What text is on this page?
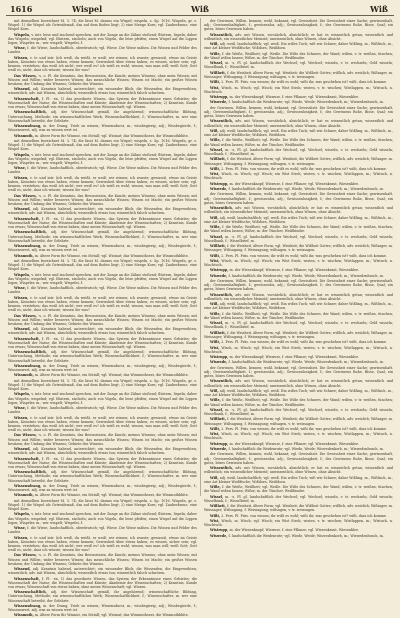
1616	Wiß	Wiß
Wispel

mit demselben bezeichnet M. 3. 74; die lässt M. daraus ein Wispel; wispeln, s. Sp. 1016. Wispeln, gr. s. Wispel: 1) die Wispel als Getreidemaß, das auf dem Boden liegt; 2) eine Menge Korn; vgl. Zauberkrone, eine Wispel Korn.

Wispeln, v. intr. leise und zischend sprechen, mit der Zunge an die Zähne stoßend; flüstern, lispeln; daher das Wispeln; wispelnd; vgl. flüstern, zischeln; auch von Vögeln, die leise pfeifen; einen Wispel auf die Lippen legen; Wispeler, m., wer wispelt; Wispelei, f.

Wisse, f. die Wiese, landschaftlich, oberdeutsch; vgl. Wiese. Die Wisse mähen. Die Wissen und Felder des Landes.

Wissen, v. tr. und intr. (ich weiß, du weißt, er weiß; wir wissen; ich wusste; gewusst), etwas im Geiste haben, Kenntnis von etwas haben, etwas kennen; Gewissheit über etwas haben; es wissen, sicher sein; vgl. kennen, verstehen; das weiß ich nicht; wer weiß es? ich weiß es wohl; wissen, was man will; weiß Gott; Gott weiß es; nicht, dass ich wüsste; wissen Sie was?

Das Wissen, -s, o. Pl. die Kenntnis, das Bewusstsein, die Kunde; meines Wissens; ohne mein Wissen; mit Wissen und Willen; wider besseres Wissen; das menschliche Wissen; Wissen ist Macht; ein großes Wissen besitzen; der Umfang des Wissens; Gebiete des Wissens.

Wissend, adj. Kenntnis habend, unterrichtet; ein wissender Blick; die Wissenden, die Eingeweihten; wissentlich, adv. mit Wissen, absichtlich; wissentlich etwas tun; wissentlich falsch schwören.

Wissenschaft, f. Pl. -en, 1) das geordnete Wissen, das System der Erkenntnisse eines Gebietes; die Wissenschaft der Natur; die Wissenschaften und Künste; Akademie der Wissenschaften; 2) Kenntnis, Kunde von etwas; Wissenschaft von etwas haben; ohne meine Wissenschaft; vgl. Wissen.

Wissenschaftlich, adj. der Wissenschaft gemäß, ihr angehörend; wissenschaftliche Bildung, Untersuchung, Methode; ein wissenschaftliches Werk; Wissenschaftlichkeit, f.; Wissenschafter, m. wer eine Wissenschaft betreibt, der Gelehrte.

Wissensdrang, m. der Drang, Trieb zu wissen; Wissensdurst, m.; wissbegierig, adj.; Wissbegierde, f.; Wissenswert, adj. was zu wissen wert ist.

Wissmuth, m. ältere Form für Wismut, ein Metall; vgl. Wismut; das Wissmuthserz, die Wissmuthblüte.

mit demselben bezeichnet M. 3. 74; die lässt M. daraus ein Wispel; wispeln, s. Sp. 1016. Wispeln, gr. s. Wispel: 1) die Wispel als Getreidemaß, das auf dem Boden liegt; 2) eine Menge Korn; vgl. Zauberkrone, eine Wispel Korn.

Wispeln, v. intr. leise und zischend sprechen, mit der Zunge an die Zähne stoßend; flüstern, lispeln; daher das Wispeln; wispelnd; vgl. flüstern, zischeln; auch von Vögeln, die leise pfeifen; einen Wispel auf die Lippen legen; Wispeler, m., wer wispelt; Wispelei, f.

Wisse, f. die Wiese, landschaftlich, oberdeutsch; vgl. Wiese. Die Wisse mähen. Die Wissen und Felder des Landes.

Wissen, v. tr. und intr. (ich weiß, du weißt, er weiß; wir wissen; ich wusste; gewusst), etwas im Geiste haben, Kenntnis von etwas haben, etwas kennen; Gewissheit über etwas haben; es wissen, sicher sein; vgl. kennen, verstehen; das weiß ich nicht; wer weiß es? ich weiß es wohl; wissen, was man will; weiß Gott; Gott weiß es; nicht, dass ich wüsste; wissen Sie was?

Das Wissen, -s, o. Pl. die Kenntnis, das Bewusstsein, die Kunde; meines Wissens; ohne mein Wissen; mit Wissen und Willen; wider besseres Wissen; das menschliche Wissen; Wissen ist Macht; ein großes Wissen besitzen; der Umfang des Wissens; Gebiete des Wissens.

Wissend, adj. Kenntnis habend, unterrichtet; ein wissender Blick; die Wissenden, die Eingeweihten; wissentlich, adv. mit Wissen, absichtlich; wissentlich etwas tun; wissentlich falsch schwören.

Wissenschaft, f. Pl. -en, 1) das geordnete Wissen, das System der Erkenntnisse eines Gebietes; die Wissenschaft der Natur; die Wissenschaften und Künste; Akademie der Wissenschaften; 2) Kenntnis, Kunde von etwas; Wissenschaft von etwas haben; ohne meine Wissenschaft; vgl. Wissen.

Wissenschaftlich, adj. der Wissenschaft gemäß, ihr angehörend; wissenschaftliche Bildung, Untersuchung, Methode; ein wissenschaftliches Werk; Wissenschaftlichkeit, f.; Wissenschafter, m. wer eine Wissenschaft betreibt, der Gelehrte.

Wissensdrang, m. der Drang, Trieb zu wissen; Wissensdurst, m.; wissbegierig, adj.; Wissbegierde, f.; Wissenswert, adj. was zu wissen wert ist.

Wissmuth, m. ältere Form für Wismut, ein Metall; vgl. Wismut; das Wissmuthserz, die Wissmuthblüte.

mit demselben bezeichnet M. 3. 74; die lässt M. daraus ein Wispel; wispeln, s. Sp. 1016. Wispeln, gr. s. Wispel: 1) die Wispel als Getreidemaß, das auf dem Boden liegt; 2) eine Menge Korn; vgl. Zauberkrone, eine Wispel Korn.

Wispeln, v. intr. leise und zischend sprechen, mit der Zunge an die Zähne stoßend; flüstern, lispeln; daher das Wispeln; wispelnd; vgl. flüstern, zischeln; auch von Vögeln, die leise pfeifen; einen Wispel auf die Lippen legen; Wispeler, m., wer wispelt; Wispelei, f.

Wisse, f. die Wiese, landschaftlich, oberdeutsch; vgl. Wiese. Die Wisse mähen. Die Wissen und Felder des Landes.

Wissen, v. tr. und intr. (ich weiß, du weißt, er weiß; wir wissen; ich wusste; gewusst), etwas im Geiste haben, Kenntnis von etwas haben, etwas kennen; Gewissheit über etwas haben; es wissen, sicher sein; vgl. kennen, verstehen; das weiß ich nicht; wer weiß es? ich weiß es wohl; wissen, was man will; weiß Gott; Gott weiß es; nicht, dass ich wüsste; wissen Sie was?

Das Wissen, -s, o. Pl. die Kenntnis, das Bewusstsein, die Kunde; meines Wissens; ohne mein Wissen; mit Wissen und Willen; wider besseres Wissen; das menschliche Wissen; Wissen ist Macht; ein großes Wissen besitzen; der Umfang des Wissens; Gebiete des Wissens.

Wissend, adj. Kenntnis habend, unterrichtet; ein wissender Blick; die Wissenden, die Eingeweihten; wissentlich, adv. mit Wissen, absichtlich; wissentlich etwas tun; wissentlich falsch schwören.

Wissenschaft, f. Pl. -en, 1) das geordnete Wissen, das System der Erkenntnisse eines Gebietes; die Wissenschaft der Natur; die Wissenschaften und Künste; Akademie der Wissenschaften; 2) Kenntnis, Kunde von etwas; Wissenschaft von etwas haben; ohne meine Wissenschaft; vgl. Wissen.

Wissenschaftlich, adj. der Wissenschaft gemäß, ihr angehörend; wissenschaftliche Bildung, Untersuchung, Methode; ein wissenschaftliches Werk; Wissenschaftlichkeit, f.; Wissenschafter, m. wer eine Wissenschaft betreibt, der Gelehrte.

Wissensdrang, m. der Drang, Trieb zu wissen; Wissensdurst, m.; wissbegierig, adj.; Wissbegierde, f.; Wissenswert, adj. was zu wissen wert ist.

Wissmuth, m. ältere Form für Wismut, ein Metall; vgl. Wismut; das Wissmuthserz, die Wissmuthblüte.

mit demselben bezeichnet M. 3. 74; die lässt M. daraus ein Wispel; wispeln, s. Sp. 1016. Wispeln, gr. s. Wispel: 1) die Wispel als Getreidemaß, das auf dem Boden liegt; 2) eine Menge Korn; vgl. Zauberkrone, eine Wispel Korn.

Wispeln, v. intr. leise und zischend sprechen, mit der Zunge an die Zähne stoßend; flüstern, lispeln; daher das Wispeln; wispelnd; vgl. flüstern, zischeln; auch von Vögeln, die leise pfeifen; einen Wispel auf die Lippen legen; Wispeler, m., wer wispelt; Wispelei, f.

Wisse, f. die Wiese, landschaftlich, oberdeutsch; vgl. Wiese. Die Wisse mähen. Die Wissen und Felder des Landes.

Wissen, v. tr. und intr. (ich weiß, du weißt, er weiß; wir wissen; ich wusste; gewusst), etwas im Geiste haben, Kenntnis von etwas haben, etwas kennen; Gewissheit über etwas haben; es wissen, sicher sein; vgl. kennen, verstehen; das weiß ich nicht; wer weiß es? ich weiß es wohl; wissen, was man will; weiß Gott; Gott weiß es; nicht, dass ich wüsste; wissen Sie was?

Das Wissen, -s, o. Pl. die Kenntnis, das Bewusstsein, die Kunde; meines Wissens; ohne mein Wissen; mit Wissen und Willen; wider besseres Wissen; das menschliche Wissen; Wissen ist Macht; ein großes Wissen besitzen; der Umfang des Wissens; Gebiete des Wissens.

Wissend, adj. Kenntnis habend, unterrichtet; ein wissender Blick; die Wissenden, die Eingeweihten; wissentlich, adv. mit Wissen, absichtlich; wissentlich etwas tun; wissentlich falsch schwören.

Wissenschaft, f. Pl. -en, 1) das geordnete Wissen, das System der Erkenntnisse eines Gebietes; die Wissenschaft der Natur; die Wissenschaften und Künste; Akademie der Wissenschaften; 2) Kenntnis, Kunde von etwas; Wissenschaft von etwas haben; ohne meine Wissenschaft; vgl. Wissen.

Wissenschaftlich, adj. der Wissenschaft gemäß, ihr angehörend; wissenschaftliche Bildung, Untersuchung, Methode; ein wissenschaftliches Werk; Wissenschaftlichkeit, f.; Wissenschafter, m. wer eine Wissenschaft betreibt, der Gelehrte.

Wissensdrang, m. der Drang, Trieb zu wissen; Wissensdurst, m.; wissbegierig, adj.; Wissbegierde, f.; Wissenswert, adj. was zu wissen wert ist.

Wissmuth, m. ältere Form für Wismut, ein Metall; vgl. Wismut; das Wissmuthserz, die Wissmuthblüte.

mit demselben bezeichnet M. 3. 74; die lässt M. daraus ein Wispel; wispeln, s. Sp. 1016. Wispeln, gr. s. Wispel: 1) die Wispel als Getreidemaß, das auf dem Boden liegt; 2) eine Menge Korn; vgl. Zauberkrone, eine Wispel Korn.

Wispeln, v. intr. leise und zischend sprechen, mit der Zunge an die Zähne stoßend; flüstern, lispeln; daher das Wispeln; wispelnd; vgl. flüstern, zischeln; auch von Vögeln, die leise pfeifen; einen Wispel auf die Lippen legen; Wispeler, m., wer wispelt; Wispelei, f.

Wisse, f. die Wiese, landschaftlich, oberdeutsch; vgl. Wiese. Die Wisse mähen. Die Wissen und Felder des Landes.

Wissen, v. tr. und intr. (ich weiß, du weißt, er weiß; wir wissen; ich wusste; gewusst), etwas im Geiste haben, Kenntnis von etwas haben, etwas kennen; Gewissheit über etwas haben; es wissen, sicher sein; vgl. kennen, verstehen; das weiß ich nicht; wer weiß es? ich weiß es wohl; wissen, was man will; weiß Gott; Gott weiß es; nicht, dass ich wüsste; wissen Sie was?

Das Wissen, -s, o. Pl. die Kenntnis, das Bewusstsein, die Kunde; meines Wissens; ohne mein Wissen; mit Wissen und Willen; wider besseres Wissen; das menschliche Wissen; Wissen ist Macht; ein großes Wissen besitzen; der Umfang des Wissens; Gebiete des Wissens.

Wissend, adj. Kenntnis habend, unterrichtet; ein wissender Blick; die Wissenden, die Eingeweihten; wissentlich, adv. mit Wissen, absichtlich; wissentlich etwas tun; wissentlich falsch schwören.

Wissenschaft, f. Pl. -en, 1) das geordnete Wissen, das System der Erkenntnisse eines Gebietes; die Wissenschaft der Natur; die Wissenschaften und Künste; Akademie der Wissenschaften; 2) Kenntnis, Kunde von etwas; Wissenschaft von etwas haben; ohne meine Wissenschaft; vgl. Wissen.

Wissenschaftlich, adj. der Wissenschaft gemäß, ihr angehörend; wissenschaftliche Bildung, Untersuchung, Methode; ein wissenschaftliches Werk; Wissenschaftlichkeit, f.; Wissenschafter, m. wer eine Wissenschaft betreibt, der Gelehrte.

Wissensdrang, m. der Drang, Trieb zu wissen; Wissensdurst, m.; wissbegierig, adj.; Wissbegierde, f.; Wissenswert, adj. was zu wissen wert ist.

Wissmuth, m. ältere Form für Wismut, ein Metall; vgl. Wismut; das Wissmuthserz, die Wissmuthblüte.

der Gewissen, Willen, kennen; wohl, bekannt; vgl. Gewissheit. Die Gewissheit einer Sache; gewissenhaft, adj.; Gewissenhaftigkeit, f.; gewissenlos, adj.; Gewissenlosigkeit, f.; des Gewissens Ruhe, Bisse, Qual; ein gutes, böses Gewissen haben.

Wissentlich, adv. mit Wissen, vorsätzlich, absichtlich; er hat es wissentlich getan; wissentlich und willentlich; ein wissentlicher Meineid; unwissentlich, ohne Wissen, ohne Absicht.

Wiß, adj. weiß, landschaftlich; vgl. weiß. Ein wißes Tuch; wiß wie Schnee; daher Wißling, m., Wißfisch, m., eine Art kleiner Weißfische; Wißdorn, Weißdorn.

Wiße, f. die Weiße, Weißheit; vgl. Weiße. Die Wiße des Schnees, der Wand; wißen, v. tr. weißen, tünchen; die Wand wißen lassen; Wißer, m. der Tüncher, Weißbinder.

Wissel, m. -s, Pl. gl. landschaftlich der Wechsel; vgl. Wechsel; wisseln, v. tr. wechseln; Geld wisseln; Wisselbank, f.; Wisselbrief, m.

Wißheit, f. die Weisheit, ältere Form; vgl. Weisheit; die Wißheit Gottes; wißlich, adv. weislich; Wißsager, m. Weissager; Wißsagung, f. Weissagung; wißsagen, v. tr. weissagen.

Wißt, 2. Pers. Pl. Präs. von wissen; ihr wißt es wohl; wißt ihr, was geschehen ist? wißt, dass ich komme.

Wist, Wisch, m. Wisch; vgl. Wisch; ein Wist Stroh; wisten, v. tr. wischen; Wistlappen, m.; Wistuch, n. Wischtuch.

Wistrupp, m. der Wiesenknopf; Wiswurz, f. eine Pflanze; vgl. Wiesenkraut, Wiesenklee.

Wiswede, f. landschaftlich die Weidenrute; vgl. Wiede, Weide; Wiswedenkorb, m.; Wiswedenbusch, m.

der Gewissen, Willen, kennen; wohl, bekannt; vgl. Gewissheit. Die Gewissheit einer Sache; gewissenhaft, adj.; Gewissenhaftigkeit, f.; gewissenlos, adj.; Gewissenlosigkeit, f.; des Gewissens Ruhe, Bisse, Qual; ein gutes, böses Gewissen haben.

Wissentlich, adv. mit Wissen, vorsätzlich, absichtlich; er hat es wissentlich getan; wissentlich und willentlich; ein wissentlicher Meineid; unwissentlich, ohne Wissen, ohne Absicht.

Wiß, adj. weiß, landschaftlich; vgl. weiß. Ein wißes Tuch; wiß wie Schnee; daher Wißling, m., Wißfisch, m., eine Art kleiner Weißfische; Wißdorn, Weißdorn.

Wiße, f. die Weiße, Weißheit; vgl. Weiße. Die Wiße des Schnees, der Wand; wißen, v. tr. weißen, tünchen; die Wand wißen lassen; Wißer, m. der Tüncher, Weißbinder.

Wissel, m. -s, Pl. gl. landschaftlich der Wechsel; vgl. Wechsel; wisseln, v. tr. wechseln; Geld wisseln; Wisselbank, f.; Wisselbrief, m.

Wißheit, f. die Weisheit, ältere Form; vgl. Weisheit; die Wißheit Gottes; wißlich, adv. weislich; Wißsager, m. Weissager; Wißsagung, f. Weissagung; wißsagen, v. tr. weissagen.

Wißt, 2. Pers. Pl. Präs. von wissen; ihr wißt es wohl; wißt ihr, was geschehen ist? wißt, dass ich komme.

Wist, Wisch, m. Wisch; vgl. Wisch; ein Wist Stroh; wisten, v. tr. wischen; Wistlappen, m.; Wistuch, n. Wischtuch.

Wistrupp, m. der Wiesenknopf; Wiswurz, f. eine Pflanze; vgl. Wiesenkraut, Wiesenklee.

Wiswede, f. landschaftlich die Weidenrute; vgl. Wiede, Weide; Wiswedenkorb, m.; Wiswedenbusch, m.

der Gewissen, Willen, kennen; wohl, bekannt; vgl. Gewissheit. Die Gewissheit einer Sache; gewissenhaft, adj.; Gewissenhaftigkeit, f.; gewissenlos, adj.; Gewissenlosigkeit, f.; des Gewissens Ruhe, Bisse, Qual; ein gutes, böses Gewissen haben.

Wissentlich, adv. mit Wissen, vorsätzlich, absichtlich; er hat es wissentlich getan; wissentlich und willentlich; ein wissentlicher Meineid; unwissentlich, ohne Wissen, ohne Absicht.

Wiß, adj. weiß, landschaftlich; vgl. weiß. Ein wißes Tuch; wiß wie Schnee; daher Wißling, m., Wißfisch, m., eine Art kleiner Weißfische; Wißdorn, Weißdorn.

Wiße, f. die Weiße, Weißheit; vgl. Weiße. Die Wiße des Schnees, der Wand; wißen, v. tr. weißen, tünchen; die Wand wißen lassen; Wißer, m. der Tüncher, Weißbinder.

Wissel, m. -s, Pl. gl. landschaftlich der Wechsel; vgl. Wechsel; wisseln, v. tr. wechseln; Geld wisseln; Wisselbank, f.; Wisselbrief, m.

Wißheit, f. die Weisheit, ältere Form; vgl. Weisheit; die Wißheit Gottes; wißlich, adv. weislich; Wißsager, m. Weissager; Wißsagung, f. Weissagung; wißsagen, v. tr. weissagen.

Wißt, 2. Pers. Pl. Präs. von wissen; ihr wißt es wohl; wißt ihr, was geschehen ist? wißt, dass ich komme.

Wist, Wisch, m. Wisch; vgl. Wisch; ein Wist Stroh; wisten, v. tr. wischen; Wistlappen, m.; Wistuch, n. Wischtuch.

Wistrupp, m. der Wiesenknopf; Wiswurz, f. eine Pflanze; vgl. Wiesenkraut, Wiesenklee.

Wiswede, f. landschaftlich die Weidenrute; vgl. Wiede, Weide; Wiswedenkorb, m.; Wiswedenbusch, m.

der Gewissen, Willen, kennen; wohl, bekannt; vgl. Gewissheit. Die Gewissheit einer Sache; gewissenhaft, adj.; Gewissenhaftigkeit, f.; gewissenlos, adj.; Gewissenlosigkeit, f.; des Gewissens Ruhe, Bisse, Qual; ein gutes, böses Gewissen haben.

Wissentlich, adv. mit Wissen, vorsätzlich, absichtlich; er hat es wissentlich getan; wissentlich und willentlich; ein wissentlicher Meineid; unwissentlich, ohne Wissen, ohne Absicht.

Wiß, adj. weiß, landschaftlich; vgl. weiß. Ein wißes Tuch; wiß wie Schnee; daher Wißling, m., Wißfisch, m., eine Art kleiner Weißfische; Wißdorn, Weißdorn.

Wiße, f. die Weiße, Weißheit; vgl. Weiße. Die Wiße des Schnees, der Wand; wißen, v. tr. weißen, tünchen; die Wand wißen lassen; Wißer, m. der Tüncher, Weißbinder.

Wissel, m. -s, Pl. gl. landschaftlich der Wechsel; vgl. Wechsel; wisseln, v. tr. wechseln; Geld wisseln; Wisselbank, f.; Wisselbrief, m.

Wißheit, f. die Weisheit, ältere Form; vgl. Weisheit; die Wißheit Gottes; wißlich, adv. weislich; Wißsager, m. Weissager; Wißsagung, f. Weissagung; wißsagen, v. tr. weissagen.

Wißt, 2. Pers. Pl. Präs. von wissen; ihr wißt es wohl; wißt ihr, was geschehen ist? wißt, dass ich komme.

Wist, Wisch, m. Wisch; vgl. Wisch; ein Wist Stroh; wisten, v. tr. wischen; Wistlappen, m.; Wistuch, n. Wischtuch.

Wistrupp, m. der Wiesenknopf; Wiswurz, f. eine Pflanze; vgl. Wiesenkraut, Wiesenklee.

Wiswede, f. landschaftlich die Weidenrute; vgl. Wiede, Weide; Wiswedenkorb, m.; Wiswedenbusch, m.

der Gewissen, Willen, kennen; wohl, bekannt; vgl. Gewissheit. Die Gewissheit einer Sache; gewissenhaft, adj.; Gewissenhaftigkeit, f.; gewissenlos, adj.; Gewissenlosigkeit, f.; des Gewissens Ruhe, Bisse, Qual; ein gutes, böses Gewissen haben.

Wissentlich, adv. mit Wissen, vorsätzlich, absichtlich; er hat es wissentlich getan; wissentlich und willentlich; ein wissentlicher Meineid; unwissentlich, ohne Wissen, ohne Absicht.

Wiß, adj. weiß, landschaftlich; vgl. weiß. Ein wißes Tuch; wiß wie Schnee; daher Wißling, m., Wißfisch, m., eine Art kleiner Weißfische; Wißdorn, Weißdorn.

Wiße, f. die Weiße, Weißheit; vgl. Weiße. Die Wiße des Schnees, der Wand; wißen, v. tr. weißen, tünchen; die Wand wißen lassen; Wißer, m. der Tüncher, Weißbinder.

Wissel, m. -s, Pl. gl. landschaftlich der Wechsel; vgl. Wechsel; wisseln, v. tr. wechseln; Geld wisseln; Wisselbank, f.; Wisselbrief, m.

Wißheit, f. die Weisheit, ältere Form; vgl. Weisheit; die Wißheit Gottes; wißlich, adv. weislich; Wißsager, m. Weissager; Wißsagung, f. Weissagung; wißsagen, v. tr. weissagen.

Wißt, 2. Pers. Pl. Präs. von wissen; ihr wißt es wohl; wißt ihr, was geschehen ist? wißt, dass ich komme.

Wist, Wisch, m. Wisch; vgl. Wisch; ein Wist Stroh; wisten, v. tr. wischen; Wistlappen, m.; Wistuch, n. Wischtuch.

Wistrupp, m. der Wiesenknopf; Wiswurz, f. eine Pflanze; vgl. Wiesenkraut, Wiesenklee.

Wiswede, f. landschaftlich die Weidenrute; vgl. Wiede, Weide; Wiswedenkorb, m.; Wiswedenbusch, m.

der Gewissen, Willen, kennen; wohl, bekannt; vgl. Gewissheit. Die Gewissheit einer Sache; gewissenhaft, adj.; Gewissenhaftigkeit, f.; gewissenlos, adj.; Gewissenlosigkeit, f.; des Gewissens Ruhe, Bisse, Qual; ein gutes, böses Gewissen haben.

Wissentlich, adv. mit Wissen, vorsätzlich, absichtlich; er hat es wissentlich getan; wissentlich und willentlich; ein wissentlicher Meineid; unwissentlich, ohne Wissen, ohne Absicht.

Wiß, adj. weiß, landschaftlich; vgl. weiß. Ein wißes Tuch; wiß wie Schnee; daher Wißling, m., Wißfisch, m., eine Art kleiner Weißfische; Wißdorn, Weißdorn.

Wiße, f. die Weiße, Weißheit; vgl. Weiße. Die Wiße des Schnees, der Wand; wißen, v. tr. weißen, tünchen; die Wand wißen lassen; Wißer, m. der Tüncher, Weißbinder.

Wissel, m. -s, Pl. gl. landschaftlich der Wechsel; vgl. Wechsel; wisseln, v. tr. wechseln; Geld wisseln; Wisselbank, f.; Wisselbrief, m.

Wißheit, f. die Weisheit, ältere Form; vgl. Weisheit; die Wißheit Gottes; wißlich, adv. weislich; Wißsager, m. Weissager; Wißsagung, f. Weissagung; wißsagen, v. tr. weissagen.

Wißt, 2. Pers. Pl. Präs. von wissen; ihr wißt es wohl; wißt ihr, was geschehen ist? wißt, dass ich komme.

Wist, Wisch, m. Wisch; vgl. Wisch; ein Wist Stroh; wisten, v. tr. wischen; Wistlappen, m.; Wistuch, n. Wischtuch.

Wistrupp, m. der Wiesenknopf; Wiswurz, f. eine Pflanze; vgl. Wiesenkraut, Wiesenklee.

Wiswede, f. landschaftlich die Weidenrute; vgl. Wiede, Weide; Wiswedenkorb, m.; Wiswedenbusch, m.
